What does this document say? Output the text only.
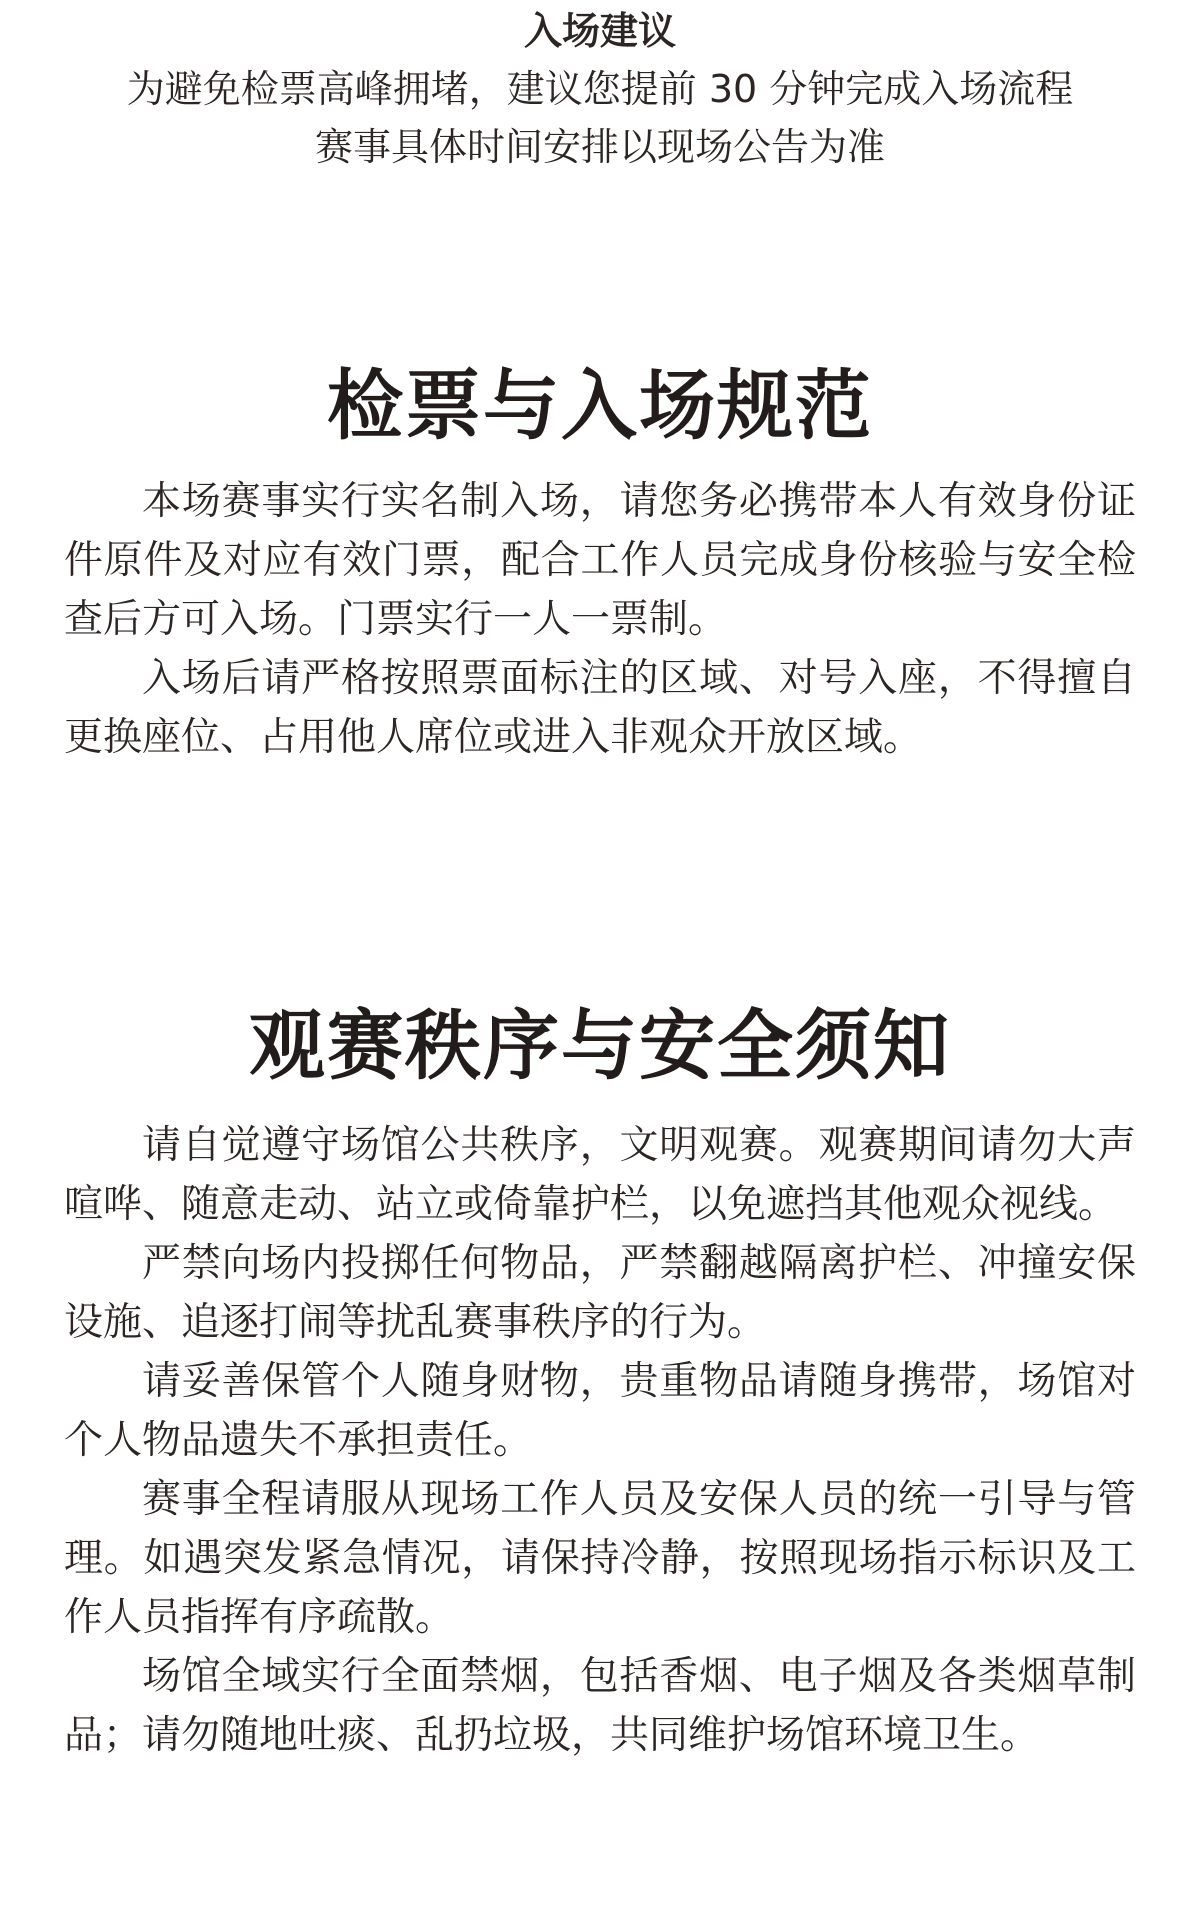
入场建议
为避免检票高峰拥堵，建议您提前 30 分钟完成入场流程
赛事具体时间安排以现场公告为准
检票与入场规范

本场赛事实行实名制入场，请您务必携带本人有效身份证件原件及对应有效门票，配合工作人员完成身份核验与安全检查后方可入场。门票实行一人一票制。

入场后请严格按照票面标注的区域、对号入座，不得擅自更换座位、占用他人席位或进入非观众开放区域。

观赛秩序与安全须知

请自觉遵守场馆公共秩序，文明观赛。观赛期间请勿大声喧哗、随意走动、站立或倚靠护栏，以免遮挡其他观众视线。

严禁向场内投掷任何物品，严禁翻越隔离护栏、冲撞安保设施、追逐打闹等扰乱赛事秩序的行为。

请妥善保管个人随身财物，贵重物品请随身携带，场馆对个人物品遗失不承担责任。

赛事全程请服从现场工作人员及安保人员的统一引导与管理。如遇突发紧急情况，请保持冷静，按照现场指示标识及工作人员指挥有序疏散。

场馆全域实行全面禁烟，包括香烟、电子烟及各类烟草制品；请勿随地吐痰、乱扔垃圾，共同维护场馆环境卫生。
